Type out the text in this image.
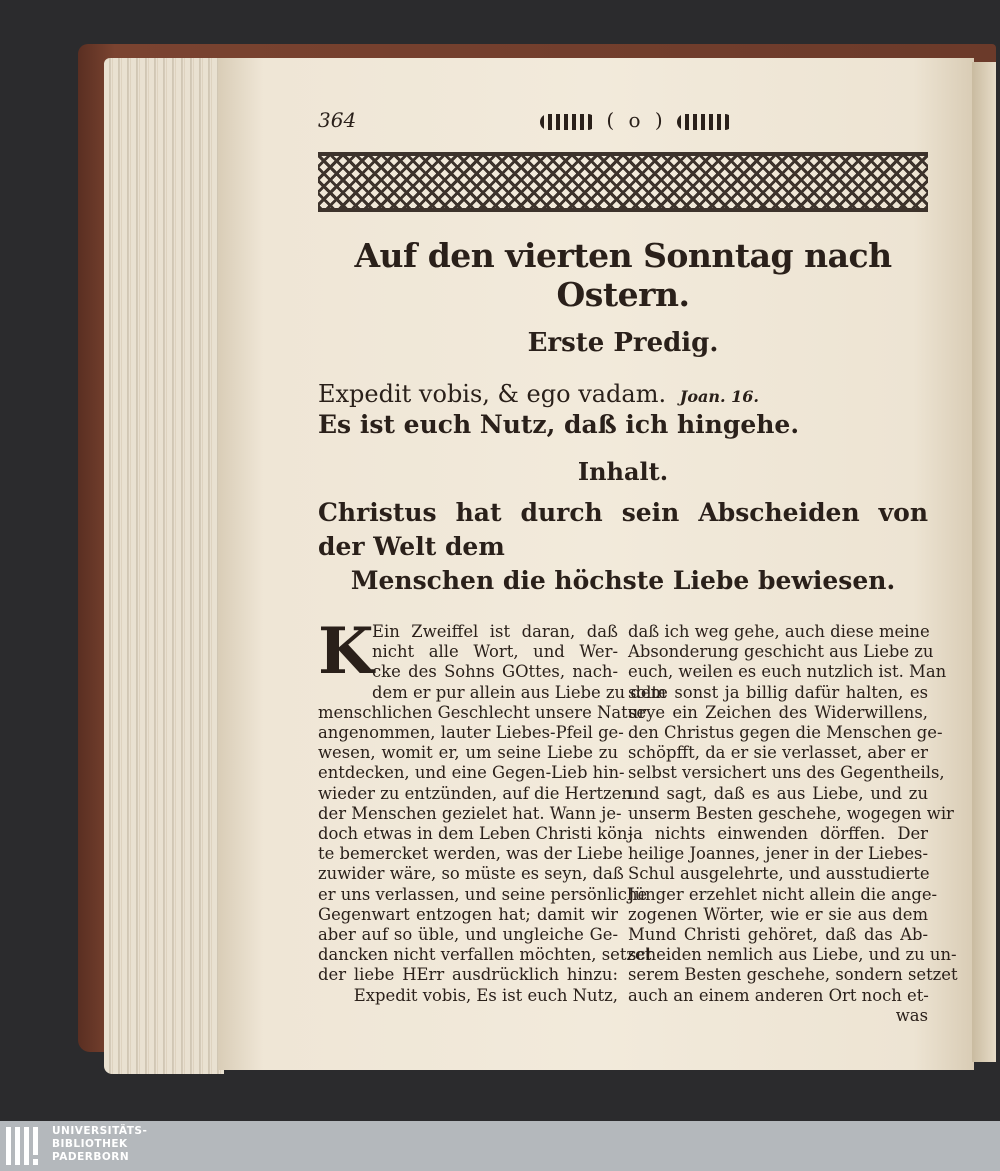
364	( o )
Auf den vierten Sonntag nach Ostern.
Erste Predig.
Expedit vobis, & ego vadam. Joan. 16.
Es ist euch Nutz, daß ich hingehe.
Inhalt.
Christus hat durch sein Abscheiden von der Welt dem
Menschen die höchste Liebe bewiesen.
K
Ein Zweiffel ist daran, daß
nicht alle Wort, und Wer-
cke des Sohns GOttes, nach-
dem er pur allein aus Liebe zu dem
menschlichen Geschlecht unsere Natur
angenommen, lauter Liebes-Pfeil ge-
wesen, womit er, um seine Liebe zu
entdecken, und eine Gegen-Lieb hin-
wieder zu entzünden, auf die Hertzen
der Menschen gezielet hat. Wann je-
doch etwas in dem Leben Christi kön-
te bemercket werden, was der Liebe
zuwider wäre, so müste es seyn, daß
er uns verlassen, und seine persönliche
Gegenwart entzogen hat; damit wir
aber auf so üble, und ungleiche Ge-
dancken nicht verfallen möchten, setzet
der liebe HErr ausdrücklich hinzu:
Expedit vobis, Es ist euch Nutz,
daß ich weg gehe, auch diese meine
Absonderung geschicht aus Liebe zu
euch, weilen es euch nutzlich ist. Man
solte sonst ja billig dafür halten, es
seye ein Zeichen des Widerwillens,
den Christus gegen die Menschen ge-
schöpfft, da er sie verlasset, aber er
selbst versichert uns des Gegentheils,
und sagt, daß es aus Liebe, und zu
unserm Besten geschehe, wogegen wir
ja nichts einwenden dörffen. Der
heilige Joannes, jener in der Liebes-
Schul ausgelehrte, und ausstudierte
Jünger erzehlet nicht allein die ange-
zogenen Wörter, wie er sie aus dem
Mund Christi gehöret, daß das Ab-
scheiden nemlich aus Liebe, und zu un-
serem Besten geschehe, sondern setzet
auch an einem anderen Ort noch et-
was
UNIVERSITÄTS-
BIBLIOTHEK
PADERBORN
